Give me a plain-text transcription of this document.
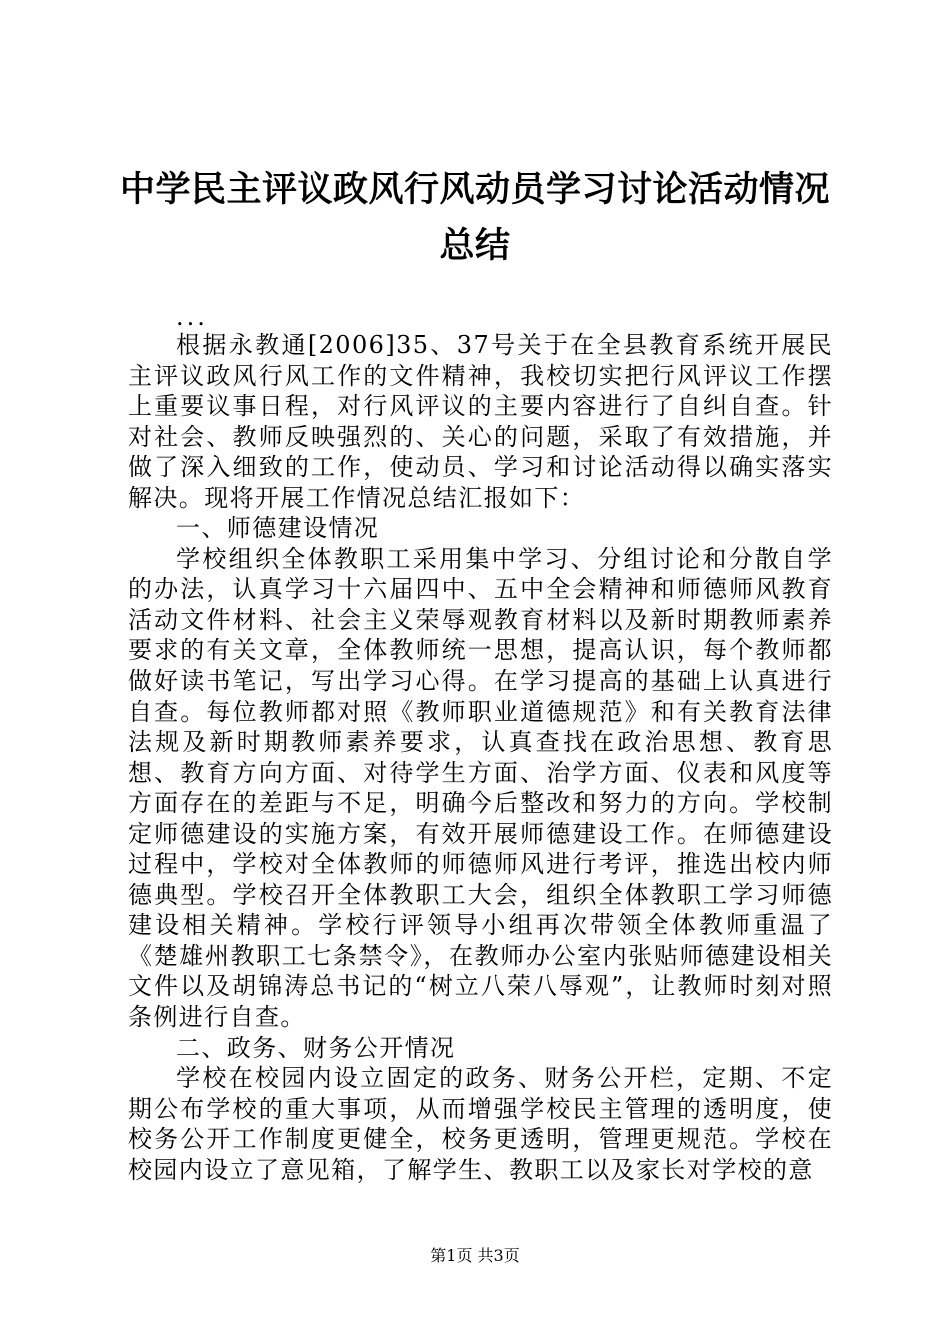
中学民主评议政风行风动员学习讨论活动情况
总结

...

根据永教通[2006]35、37号关于在全县教育系统开展民主评议政风行风工作的文件精神，我校切实把行风评议工作摆上重要议事日程，对行风评议的主要内容进行了自纠自查。针对社会、教师反映强烈的、关心的问题，采取了有效措施，并做了深入细致的工作，使动员、学习和讨论活动得以确实落实解决。现将开展工作情况总结汇报如下：

一、师德建设情况

学校组织全体教职工采用集中学习、分组讨论和分散自学的办法，认真学习十六届四中、五中全会精神和师德师风教育活动文件材料、社会主义荣辱观教育材料以及新时期教师素养要求的有关文章，全体教师统一思想，提高认识，每个教师都做好读书笔记，写出学习心得。在学习提高的基础上认真进行自查。每位教师都对照《教师职业道德规范》和有关教育法律法规及新时期教师素养要求，认真查找在政治思想、教育思想、教育方向方面、对待学生方面、治学方面、仪表和风度等方面存在的差距与不足，明确今后整改和努力的方向。学校制定师德建设的实施方案，有效开展师德建设工作。在师德建设过程中，学校对全体教师的师德师风进行考评，推选出校内师德典型。学校召开全体教职工大会，组织全体教职工学习师德建设相关精神。学校行评领导小组再次带领全体教师重温了《楚雄州教职工七条禁令》，在教师办公室内张贴师德建设相关文件以及胡锦涛总书记的“树立八荣八辱观”，让教师时刻对照条例进行自查。

二、政务、财务公开情况

学校在校园内设立固定的政务、财务公开栏，定期、不定期公布学校的重大事项，从而增强学校民主管理的透明度，使校务公开工作制度更健全，校务更透明，管理更规范。学校在校园内设立了意见箱，了解学生、教职工以及家长对学校的意

第1页 共3页
